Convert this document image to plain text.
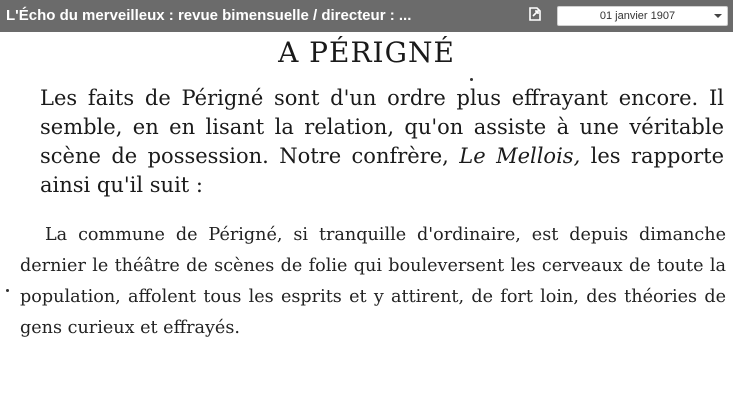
L'Écho du merveilleux : revue bimensuelle / directeur : ...	01 janvier 1907
A PÉRIGNÉ
Les faits de Périgné sont d'un ordre plus effrayant encore. Il semble, en en lisant la relation, qu'on assiste à une véritable scène de possession. Notre confrère, Le Mellois, les rapporte ainsi qu'il suit :
La commune de Périgné, si tranquille d'ordinaire, est depuis dimanche dernier le théâtre de scènes de folie qui bouleversent les cerveaux de toute la population, affolent tous les esprits et y attirent, de fort loin, des théories de gens curieux et effrayés.
